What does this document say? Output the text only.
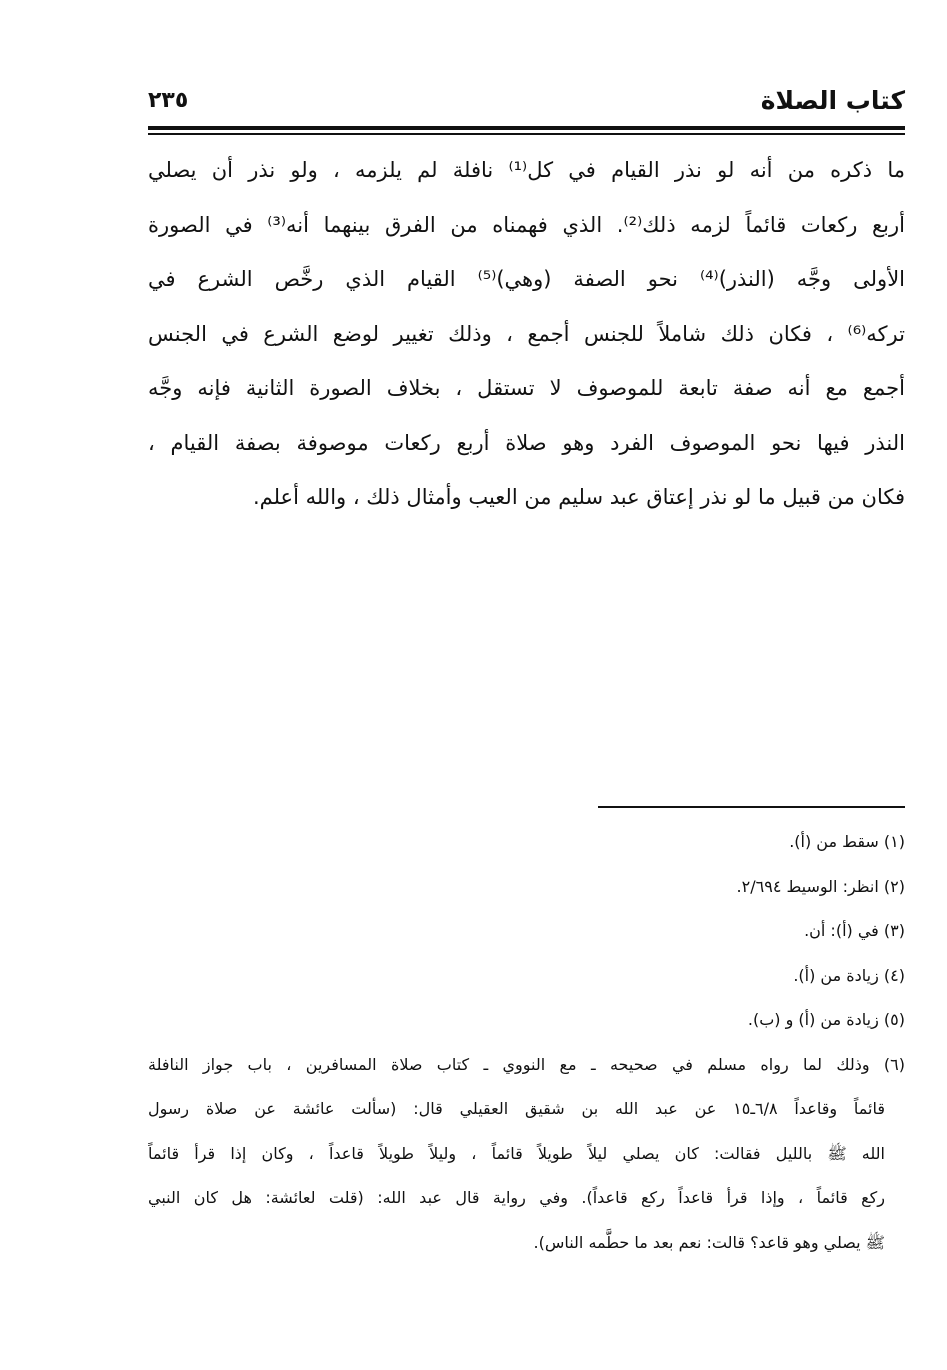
كتاب الصلاة
٢٣٥
ما ذكره من أنه لو نذر القيام في كل⁽¹⁾ نافلة لم يلزمه ، ولو نذر أن يصلي
أربع ركعات قائماً لزمه ذلك⁽²⁾. الذي فهمناه من الفرق بينهما أنه⁽³⁾ في الصورة
الأولى وجَّه (النذر)⁽⁴⁾ نحو الصفة (وهي)⁽⁵⁾ القيام الذي رخَّص الشرع في
تركه⁽⁶⁾ ، فكان ذلك شاملاً للجنس أجمع ، وذلك تغيير لوضع الشرع في الجنس
أجمع مع أنه صفة تابعة للموصوف لا تستقل ، بخلاف الصورة الثانية فإنه وجَّه
النذر فيها نحو الموصوف الفرد وهو صلاة أربع ركعات موصوفة بصفة القيام ،
فكان من قبيل ما لو نذر إعتاق عبد سليم من العيب وأمثال ذلك ، والله أعلم.
(١) سقط من (أ).
(٢) انظر: الوسيط ٢/٦٩٤.
(٣) في (أ): أن.
(٤) زيادة من (أ).
(٥) زيادة من (أ) و (ب).
(٦) وذلك لما رواه مسلم في صحيحه ـ مع النووي ـ كتاب صلاة المسافرين ، باب جواز النافلة
قائماً وقاعداً ٦/٨ـ١٥ عن عبد الله بن شقيق العقيلي قال: (سألت عائشة عن صلاة رسول
الله ﷺ بالليل فقالت: كان يصلي ليلاً طويلاً قائماً ، وليلاً طويلاً قاعداً ، وكان إذا قرأ قائماً
ركع قائماً ، وإذا قرأ قاعداً ركع قاعداً). وفي رواية قال عبد الله: (قلت لعائشة: هل كان النبي
ﷺ يصلي وهو قاعد؟ قالت: نعم بعد ما حطَّمه الناس).
